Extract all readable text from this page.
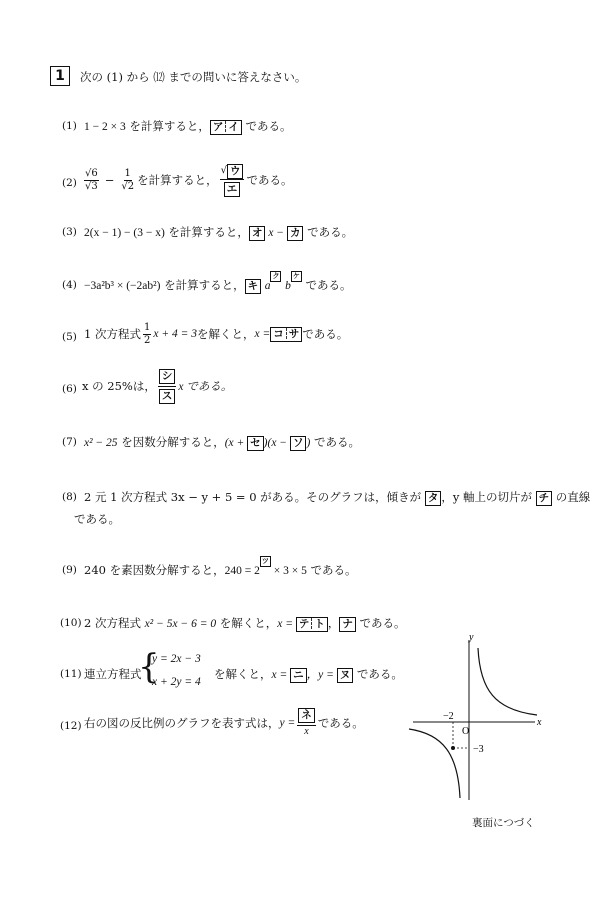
1	次の (1) から ⑿ までの問いに答えなさい。
(1) 1 − 2 × 3 を計算すると， ア イ である。
$(2) \frac{√6}{√3} - \frac{1}{√2}$ を計算すると， $\frac{\text{√ ウ}}{\text{エ}}$ である。
(3) 2(x − 1) − (3 − x) を計算すると， オ x − カ である。
(4) −3a²b³ × (−2ab²) を計算すると， キ aク bケ である。
(5) 1 次方程式 $\frac{1}{2}$ x + 4 = 3 を解くと， x = コ サ である。
(6) x の 25%は， $\frac{\text{シ}}{\text{ス}}$ x である。
(7) x² − 25 を因数分解すると，(x + セ )(x − ソ ) である。
(8) 2 元 1 次方程式 3x − y + 5 = 0 がある。そのグラフは，傾きが タ ，y 軸上の切片が チ の直線
である。
(9) 240 を素因数分解すると，240 = 2ツ × 3 × 5 である。
(10) 2 次方程式 x² − 5x − 6 = 0 を解くと，x = テ ト ， ナ である。
(11) 連立方程式
{
y = 2x − 3
x + 2y = 4
を解くと，x = ニ ，y = ヌ である。
(12) 右の図の反比例のグラフを表す式は， $y = \frac{\text{ネ}}{x}$ である。
y
x
O
−2
−3
裏面につづく
